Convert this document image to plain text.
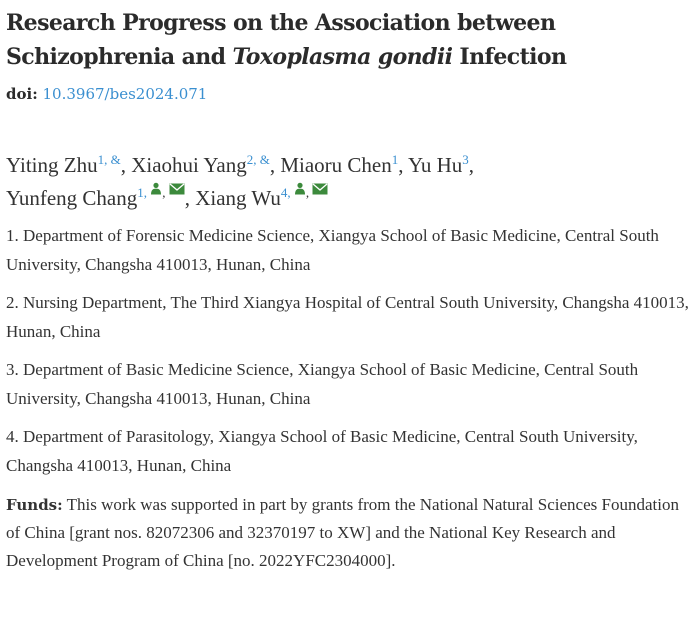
Research Progress on the Association between
Schizophrenia and Toxoplasma gondii Infection
doi: 10.3967/bes2024.071
Yiting Zhu$^{1, \&}$, Xiaohui Yang$^{2, \&}$, Miaoru Chen$^1$, Yu Hu$^3$,
Yunfeng Chang$^{1, ,}$ , Xiang $Wu^{4, ,}$

1. Department of Forensic Medicine Science, Xiangya School of Basic Medicine, Central South University, Changsha 410013, Hunan, China

2. Nursing Department, The Third Xiangya Hospital of Central South University, Changsha 410013, Hunan, China

3. Department of Basic Medicine Science, Xiangya School of Basic Medicine, Central South University, Changsha 410013, Hunan, China

4. Department of Parasitology, Xiangya School of Basic Medicine, Central South University, Changsha 410013, Hunan, China

Funds: This work was supported in part by grants from the National Natural Sciences Foundation of China [grant nos. 82072306 and 32370197 to XW] and the National Key Research and Development Program of China [no. 2022YFC2304000].
